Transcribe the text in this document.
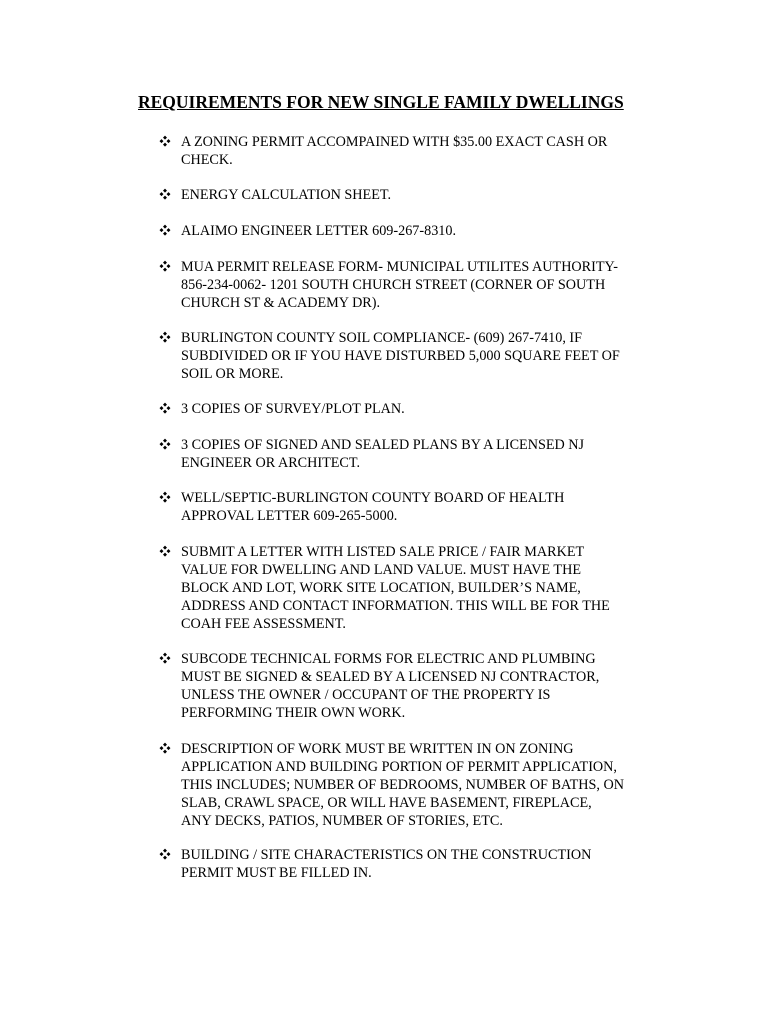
REQUIREMENTS FOR NEW SINGLE FAMILY DWELLINGS
A ZONING PERMIT ACCOMPAINED WITH $35.00 EXACT CASH OR
CHECK.
ENERGY CALCULATION SHEET.
ALAIMO ENGINEER LETTER 609-267-8310.
MUA PERMIT RELEASE FORM- MUNICIPAL UTILITES AUTHORITY-
856-234-0062- 1201 SOUTH CHURCH STREET (CORNER OF SOUTH
CHURCH ST & ACADEMY DR).
BURLINGTON COUNTY SOIL COMPLIANCE- (609) 267-7410, IF
SUBDIVIDED OR IF YOU HAVE DISTURBED 5,000 SQUARE FEET OF
SOIL OR MORE.
3 COPIES OF SURVEY/PLOT PLAN.
3 COPIES OF SIGNED AND SEALED PLANS BY A LICENSED NJ
ENGINEER OR ARCHITECT.
WELL/SEPTIC-BURLINGTON COUNTY BOARD OF HEALTH
APPROVAL LETTER 609-265-5000.
SUBMIT A LETTER WITH LISTED SALE PRICE / FAIR MARKET
VALUE FOR DWELLING AND LAND VALUE. MUST HAVE THE
BLOCK AND LOT, WORK SITE LOCATION, BUILDER’S NAME,
ADDRESS AND CONTACT INFORMATION. THIS WILL BE FOR THE
COAH FEE ASSESSMENT.
SUBCODE TECHNICAL FORMS FOR ELECTRIC AND PLUMBING
MUST BE SIGNED & SEALED BY A LICENSED NJ CONTRACTOR,
UNLESS THE OWNER / OCCUPANT OF THE PROPERTY IS
PERFORMING THEIR OWN WORK.
DESCRIPTION OF WORK MUST BE WRITTEN IN ON ZONING
APPLICATION AND BUILDING PORTION OF PERMIT APPLICATION,
THIS INCLUDES; NUMBER OF BEDROOMS, NUMBER OF BATHS, ON
SLAB, CRAWL SPACE, OR WILL HAVE BASEMENT, FIREPLACE,
ANY DECKS, PATIOS, NUMBER OF STORIES, ETC.
BUILDING / SITE CHARACTERISTICS ON THE CONSTRUCTION
PERMIT MUST BE FILLED IN.
